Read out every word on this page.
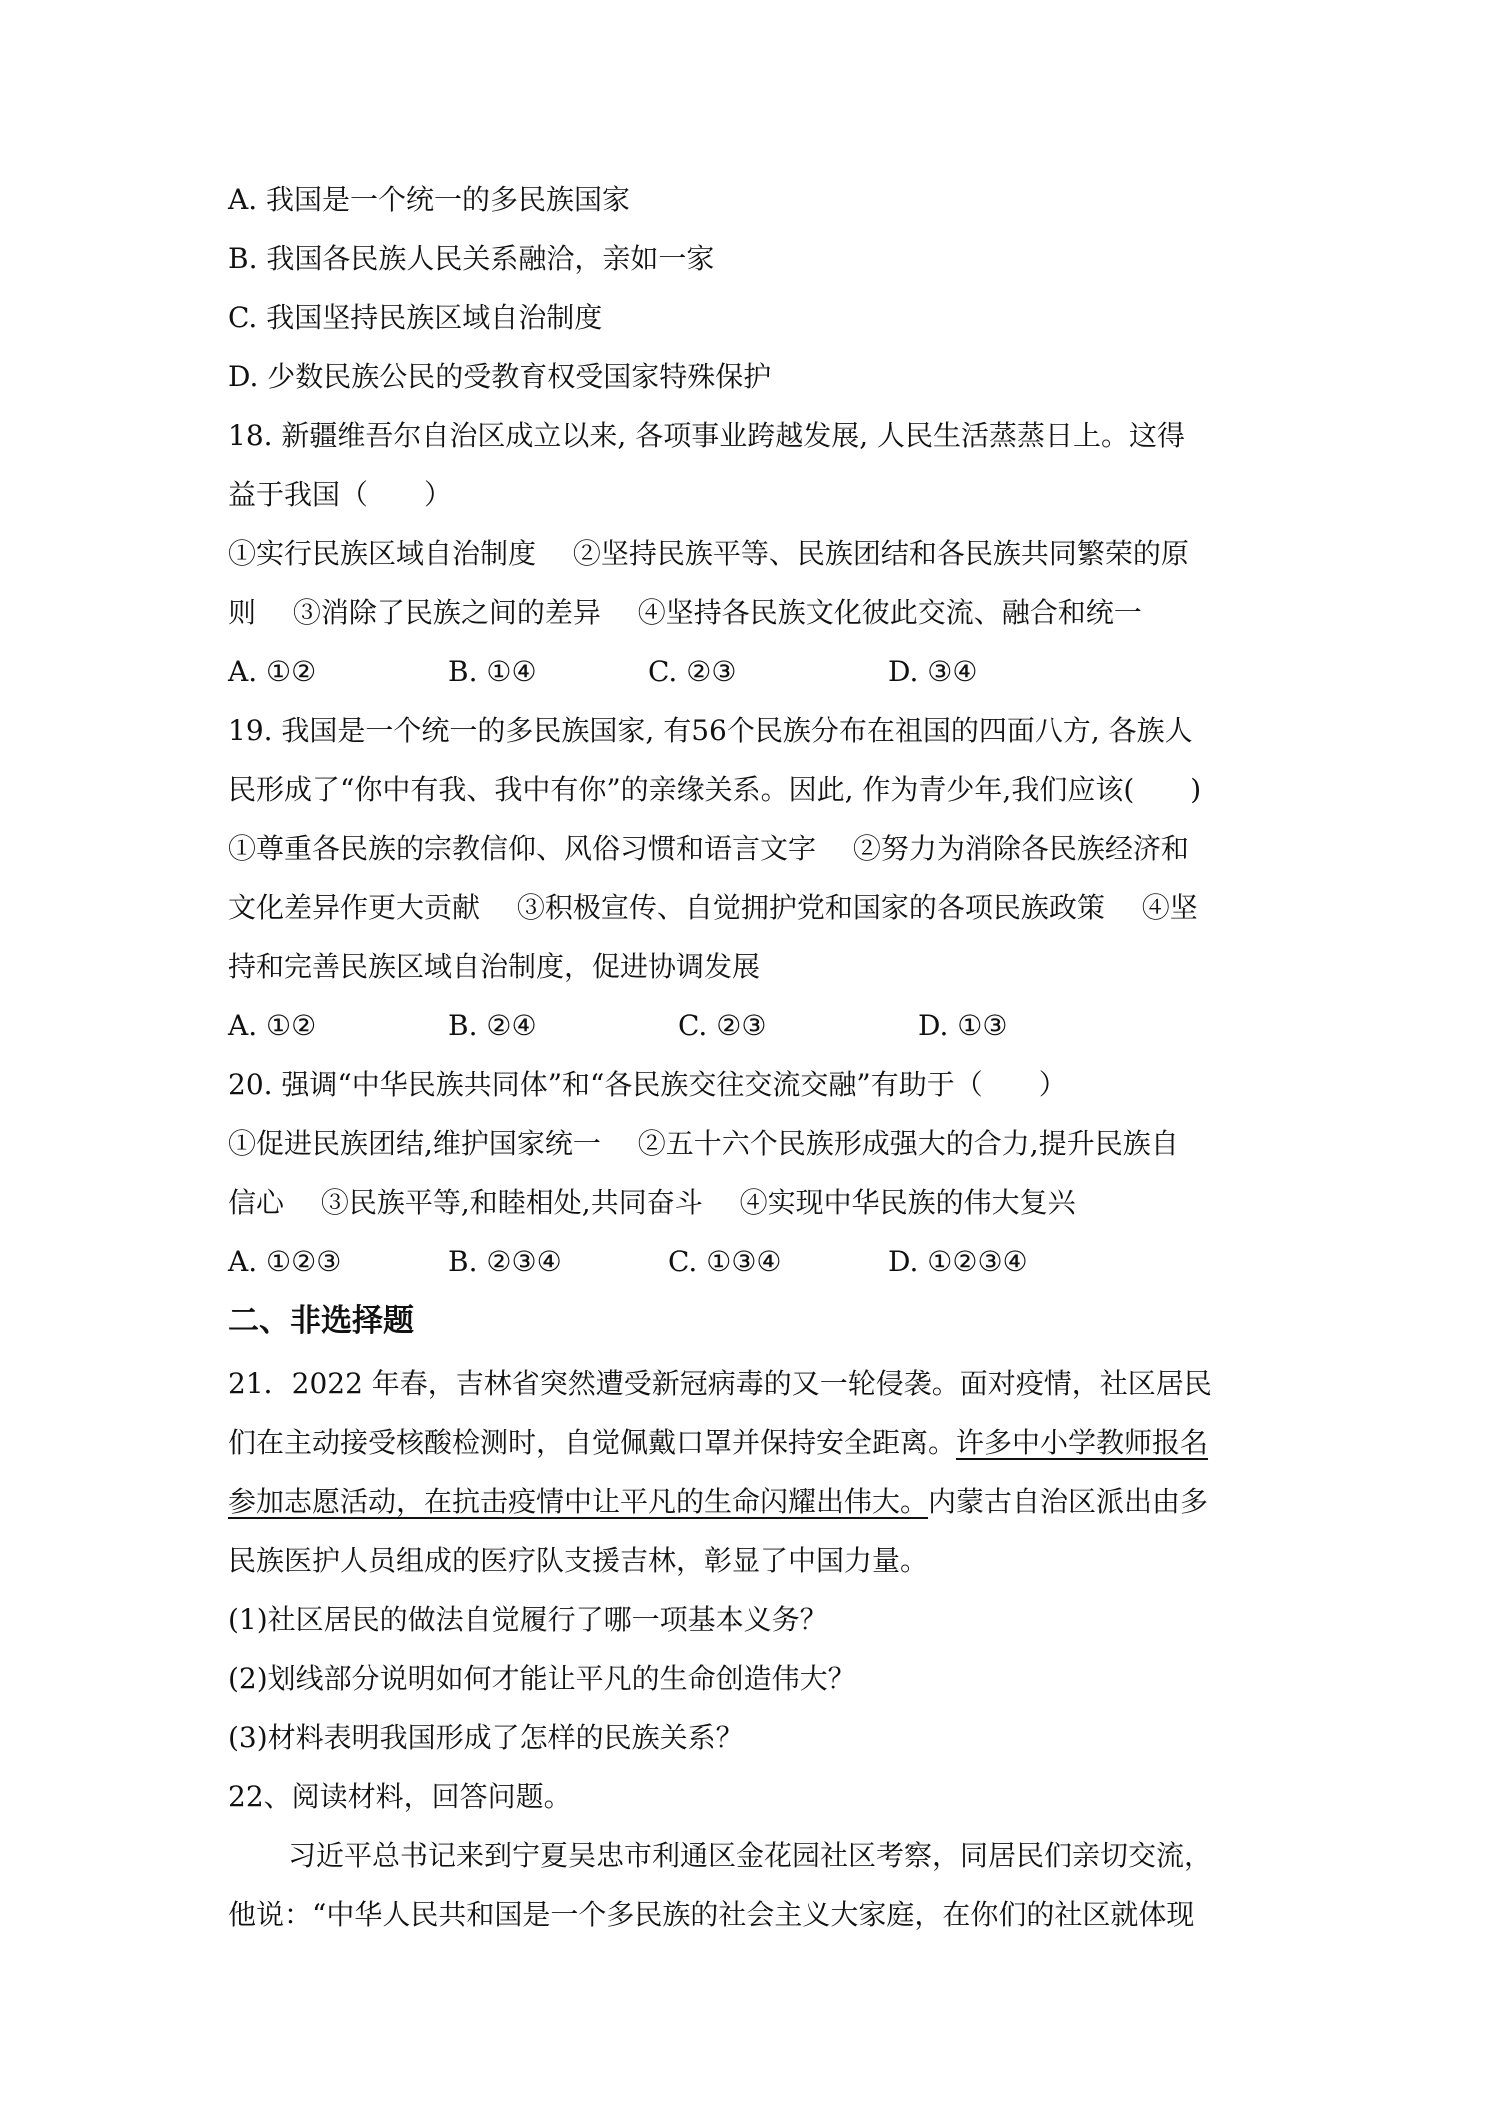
A. 我国是一个统一的多民族国家
B. 我国各民族人民关系融洽，亲如一家
C. 我国坚持民族区域自治制度
D. 少数民族公民的受教育权受国家特殊保护
18. 新疆维吾尔自治区成立以来, 各项事业跨越发展, 人民生活蒸蒸日上。这得
益于我国（　　）
①实行民族区域自治制度　 ②坚持民族平等、民族团结和各民族共同繁荣的原
则　 ③消除了民族之间的差异　 ④坚持各民族文化彼此交流、融合和统一
A. ①②	B. ①④	C. ②③	D. ③④
19. 我国是一个统一的多民族国家, 有56个民族分布在祖国的四面八方, 各族人
民形成了“你中有我、我中有你”的亲缘关系。因此, 作为青少年,我们应该(　　)
①尊重各民族的宗教信仰、风俗习惯和语言文字　 ②努力为消除各民族经济和
文化差异作更大贡献　 ③积极宣传、自觉拥护党和国家的各项民族政策　 ④坚
持和完善民族区域自治制度，促进协调发展
A. ①②	B. ②④	C. ②③	D. ①③
20. 强调“中华民族共同体”和“各民族交往交流交融”有助于（　　）
①促进民族团结,维护国家统一　 ②五十六个民族形成强大的合力,提升民族自
信心　 ③民族平等,和睦相处,共同奋斗　 ④实现中华民族的伟大复兴
A. ①②③	B. ②③④	C. ①③④	D. ①②③④
二、非选择题
21．2022 年春，吉林省突然遭受新冠病毒的又一轮侵袭。面对疫情，社区居民
们在主动接受核酸检测时，自觉佩戴口罩并保持安全距离。许多中小学教师报名
参加志愿活动，在抗击疫情中让平凡的生命闪耀出伟大。内蒙古自治区派出由多
民族医护人员组成的医疗队支援吉林，彰显了中国力量。
(1)社区居民的做法自觉履行了哪一项基本义务？
(2)划线部分说明如何才能让平凡的生命创造伟大？
(3)材料表明我国形成了怎样的民族关系？
22、阅读材料，回答问题。
习近平总书记来到宁夏吴忠市利通区金花园社区考察，同居民们亲切交流，
他说：“中华人民共和国是一个多民族的社会主义大家庭，在你们的社区就体现
